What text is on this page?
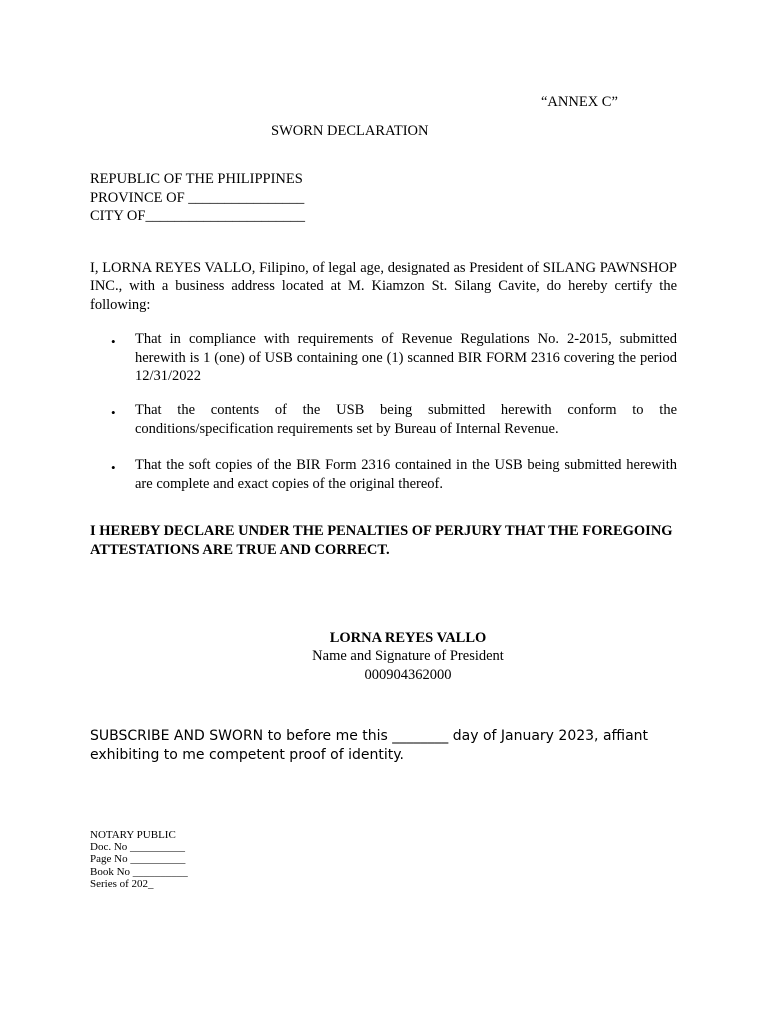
“ANNEX C”
SWORN DECLARATION
REPUBLIC OF THE PHILIPPINES
PROVINCE OF ________________
CITY OF______________________
I, LORNA REYES VALLO, Filipino, of legal age, designated as President of SILANG PAWNSHOP INC., with a business address located at M. Kiamzon St. Silang Cavite, do hereby certify the following:
• That in compliance with requirements of Revenue Regulations No. 2-2015, submitted herewith is 1 (one) of USB containing one (1) scanned BIR FORM 2316 covering the period 12/31/2022
• That the contents of the USB being submitted herewith conform to the conditions/specification requirements set by Bureau of Internal Revenue.
• That the soft copies of the BIR Form 2316 contained in the USB being submitted herewith are complete and exact copies of the original thereof.
I HEREBY DECLARE UNDER THE PENALTIES OF PERJURY THAT THE FOREGOING ATTESTATIONS ARE TRUE AND CORRECT.
LORNA REYES VALLO
Name and Signature of President
000904362000
SUBSCRIBE AND SWORN to before me this ________ day of January 2023, affiant
exhibiting to me competent proof of identity.
NOTARY PUBLIC
Doc. No __________
Page No __________
Book No __________
Series of 202_
